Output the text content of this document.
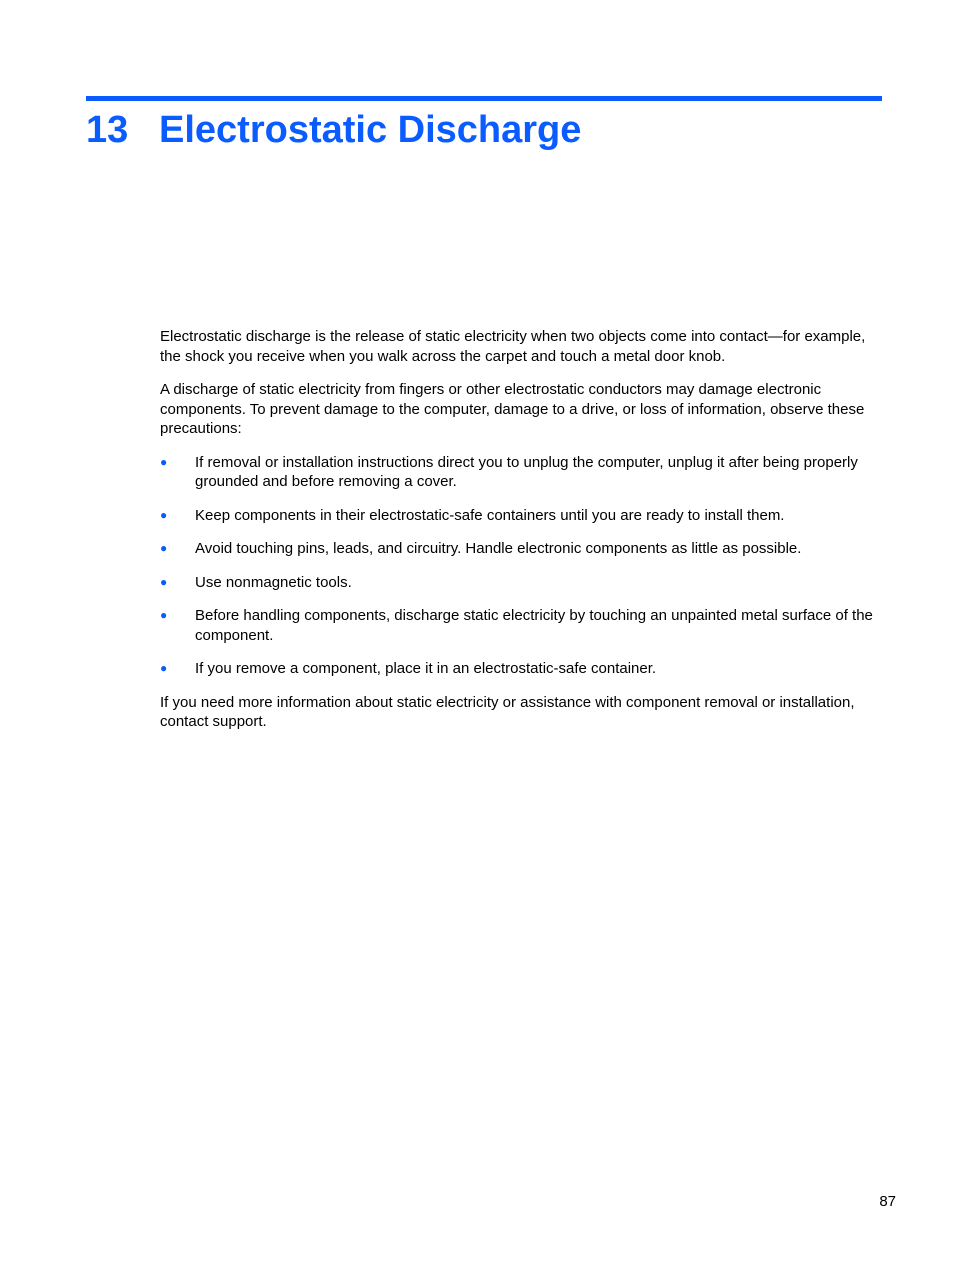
13 Electrostatic Discharge

Electrostatic discharge is the release of static electricity when two objects come into contact—for example, the shock you receive when you walk across the carpet and touch a metal door knob.

A discharge of static electricity from fingers or other electrostatic conductors may damage electronic components. To prevent damage to the computer, damage to a drive, or loss of information, observe these precautions:

● If removal or installation instructions direct you to unplug the computer, unplug it after being properly grounded and before removing a cover.
● Keep components in their electrostatic-safe containers until you are ready to install them.
● Avoid touching pins, leads, and circuitry. Handle electronic components as little as possible.
● Use nonmagnetic tools.
● Before handling components, discharge static electricity by touching an unpainted metal surface of the component.
● If you remove a component, place it in an electrostatic-safe container.

If you need more information about static electricity or assistance with component removal or installation, contact support.

87
